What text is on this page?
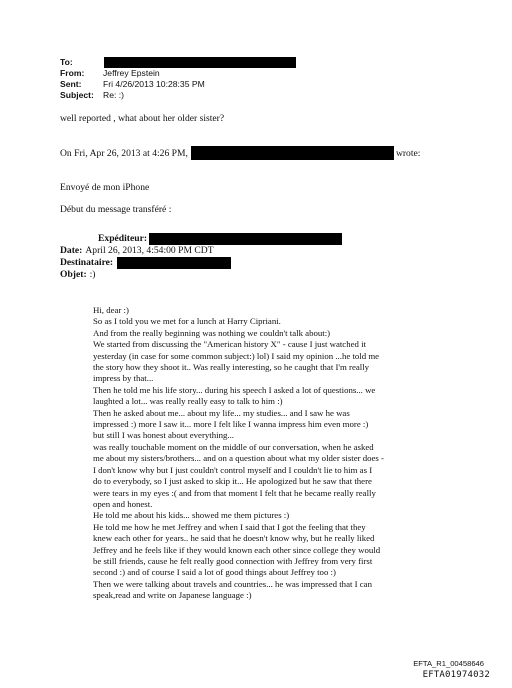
To:
From:	Jeffrey Epstein
Sent:	Fri 4/26/2013 10:28:35 PM
Subject:	Re: :)
well reported , what about her older sister?
On Fri, Apr 26, 2013 at 4:26 PM,	wrote:
Envoyé de mon iPhone
Début du message transféré :
Expéditeur:
Date: April 26, 2013, 4:54:00 PM CDT
Destinataire:
Objet: :)
Hi, dear :)
So as I told you we met for a lunch at Harry Cipriani.
And from the really beginning was nothing we couldn't talk about:)
We started from discussing the "American history X" - cause I just watched it
yesterday (in case for some common subject:) lol) I said my opinion ...he told me
the story how they shoot it.. Was really interesting, so he caught that I'm really
impress by that...
Then he told me his life story... during his speech I asked a lot of questions... we
laughted a lot... was really really easy to talk to him :)
Then he asked about me... about my life... my studies... and I saw he was
impressed :) more I saw it... more I felt like I wanna impress him even more :)
but still I was honest about everything...
was really touchable moment on the middle of our conversation, when he asked
me about my sisters/brothers... and on a question about what my older sister does -
I don't know why but I just couldn't control myself and I couldn't lie to him as I
do to everybody, so I just asked to skip it... He apologized but he saw that there
were tears in my eyes :( and from that moment I felt that he became really really
open and honest.
He told me about his kids... showed me them pictures :)
He told me how he met Jeffrey and when I said that I got the feeling that they
knew each other for years.. he said that he doesn't know why, but he really liked
Jeffrey and he feels like if they would known each other since college they would
be still friends, cause he felt really good connection with Jeffrey from very first
second :) and of course I said a lot of good things about Jeffrey too :)
Then we were talking about travels and countries... he was impressed that I can
speak,read and write on Japanese language :)
EFTA_R1_00458646
EFTA01974032
